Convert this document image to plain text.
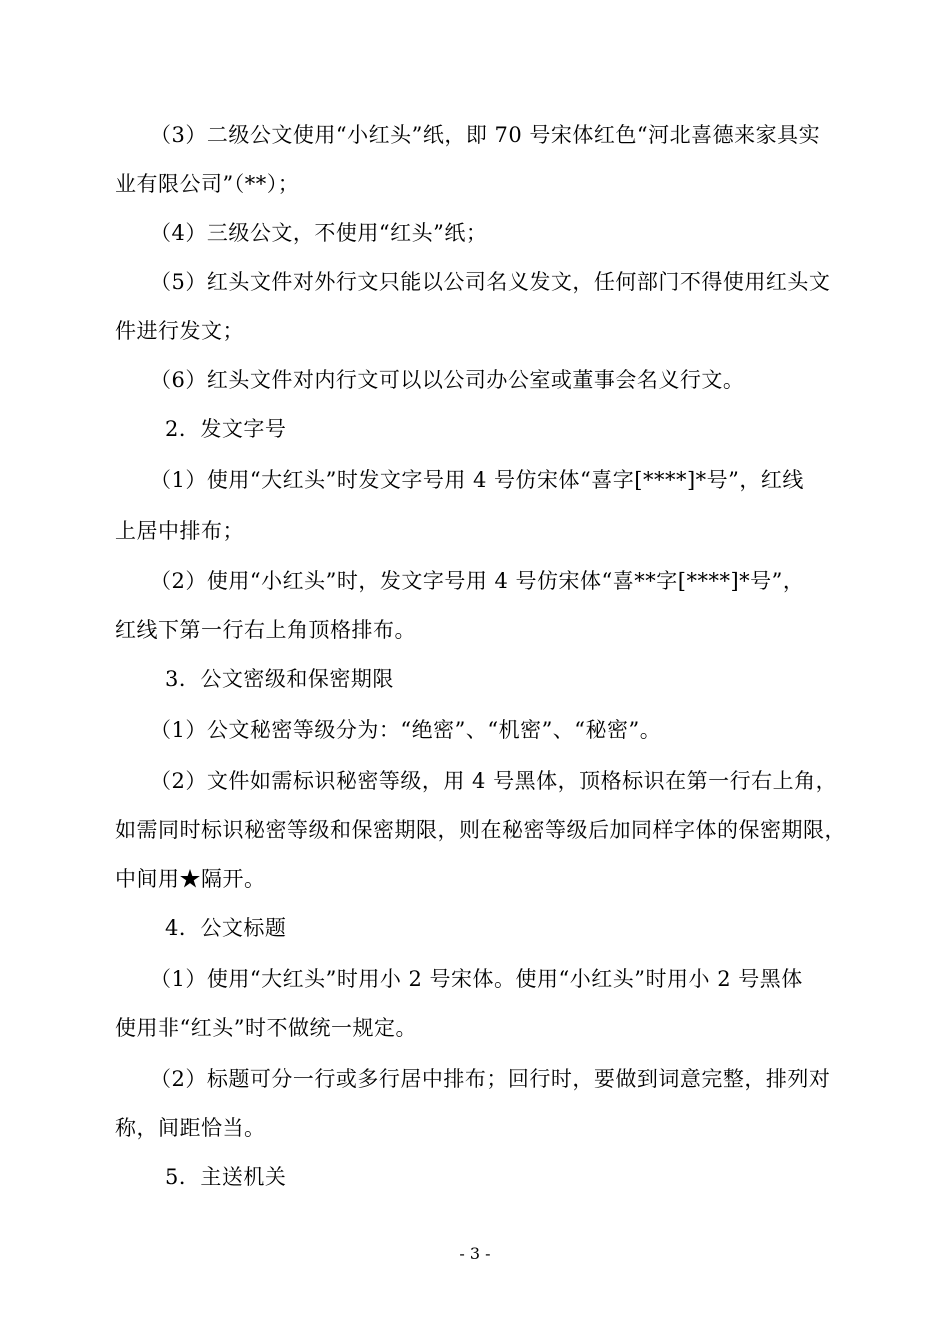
（3）二级公文使用“小红头”纸，即 70 号宋体红色“河北喜德来家具实
业有限公司”（**）；
（4）三级公文，不使用“红头”纸；
（5）红头文件对外行文只能以公司名义发文，任何部门不得使用红头文
件进行发文；
（6）红头文件对内行文可以以公司办公室或董事会名义行文。
2．发文字号
（1）使用“大红头”时发文字号用 4 号仿宋体“喜字[****]*号”，红线
上居中排布；
（2）使用“小红头”时，发文字号用 4 号仿宋体“喜**字[****]*号”，
红线下第一行右上角顶格排布。
3．公文密级和保密期限
（1）公文秘密等级分为：“绝密”、“机密”、“秘密”。
（2）文件如需标识秘密等级，用 4 号黑体，顶格标识在第一行右上角，
如需同时标识秘密等级和保密期限，则在秘密等级后加同样字体的保密期限，
中间用★隔开。
4．公文标题
（1）使用“大红头”时用小 2 号宋体。使用“小红头”时用小 2 号黑体
使用非“红头”时不做统一规定。
（2）标题可分一行或多行居中排布；回行时，要做到词意完整，排列对
称，间距恰当。
5．主送机关
- 3 -
